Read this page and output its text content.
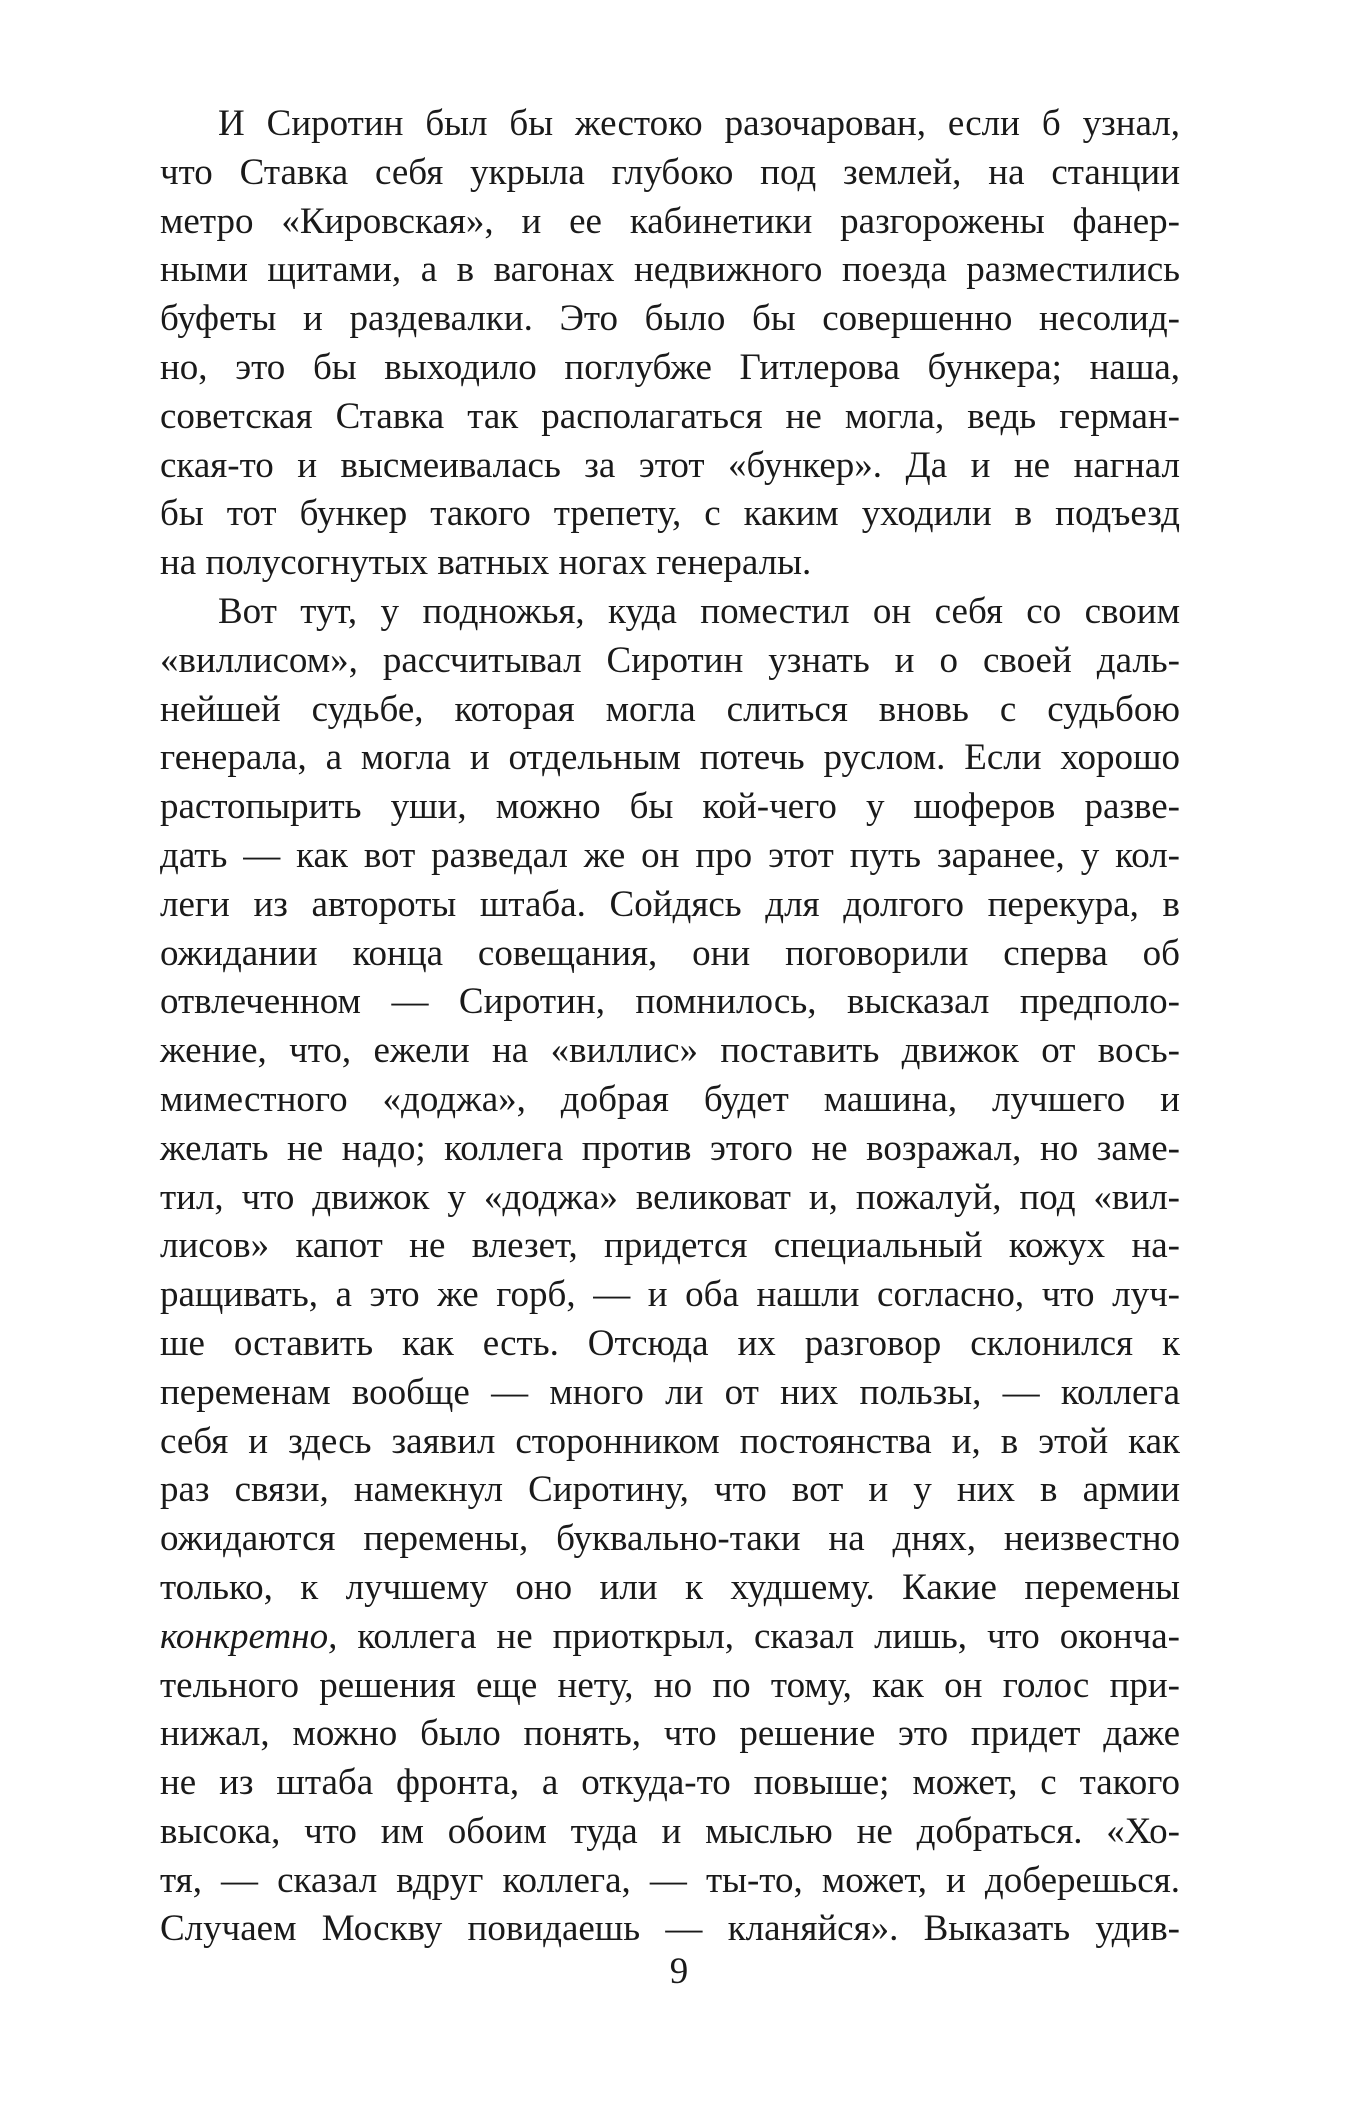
И Сиротин был бы жестоко разочарован, если б узнал,
что Ставка себя укрыла глубоко под землей, на станции
метро «Кировская», и ее кабинетики разгорожены фанер-
ными щитами, а в вагонах недвижного поезда разместились
буфеты и раздевалки. Это было бы совершенно несолид-
но, это бы выходило поглубже Гитлерова бункера; наша,
советская Ставка так располагаться не могла, ведь герман-
ская-то и высмеивалась за этот «бункер». Да и не нагнал
бы тот бункер такого трепету, с каким уходили в подъезд
на полусогнутых ватных ногах генералы.
Вот тут, у подножья, куда поместил он себя со своим
«виллисом», рассчитывал Сиротин узнать и о своей даль-
нейшей судьбе, которая могла слиться вновь с судьбою
генерала, а могла и отдельным потечь руслом. Если хорошо
растопырить уши, можно бы кой-чего у шоферов разве-
дать — как вот разведал же он про этот путь заранее, у кол-
леги из автороты штаба. Сойдясь для долгого перекура, в
ожидании конца совещания, они поговорили сперва об
отвлеченном — Сиротин, помнилось, высказал предполо-
жение, что, ежели на «виллис» поставить движок от вось-
миместного «доджа», добрая будет машина, лучшего и
желать не надо; коллега против этого не возражал, но заме-
тил, что движок у «доджа» великоват и, пожалуй, под «вил-
лисов» капот не влезет, придется специальный кожух на-
ращивать, а это же горб, — и оба нашли согласно, что луч-
ше оставить как есть. Отсюда их разговор склонился к
переменам вообще — много ли от них пользы, — коллега
себя и здесь заявил сторонником постоянства и, в этой как
раз связи, намекнул Сиротину, что вот и у них в армии
ожидаются перемены, буквально-таки на днях, неизвестно
только, к лучшему оно или к худшему. Какие перемены
конкретно, коллега не приоткрыл, сказал лишь, что оконча-
тельного решения еще нету, но по тому, как он голос при-
нижал, можно было понять, что решение это придет даже
не из штаба фронта, а откуда-то повыше; может, с такого
высока, что им обоим туда и мыслью не добраться. «Хо-
тя, — сказал вдруг коллега, — ты-то, может, и доберешься.
Случаем Москву повидаешь — кланяйся». Выказать удив-
9
